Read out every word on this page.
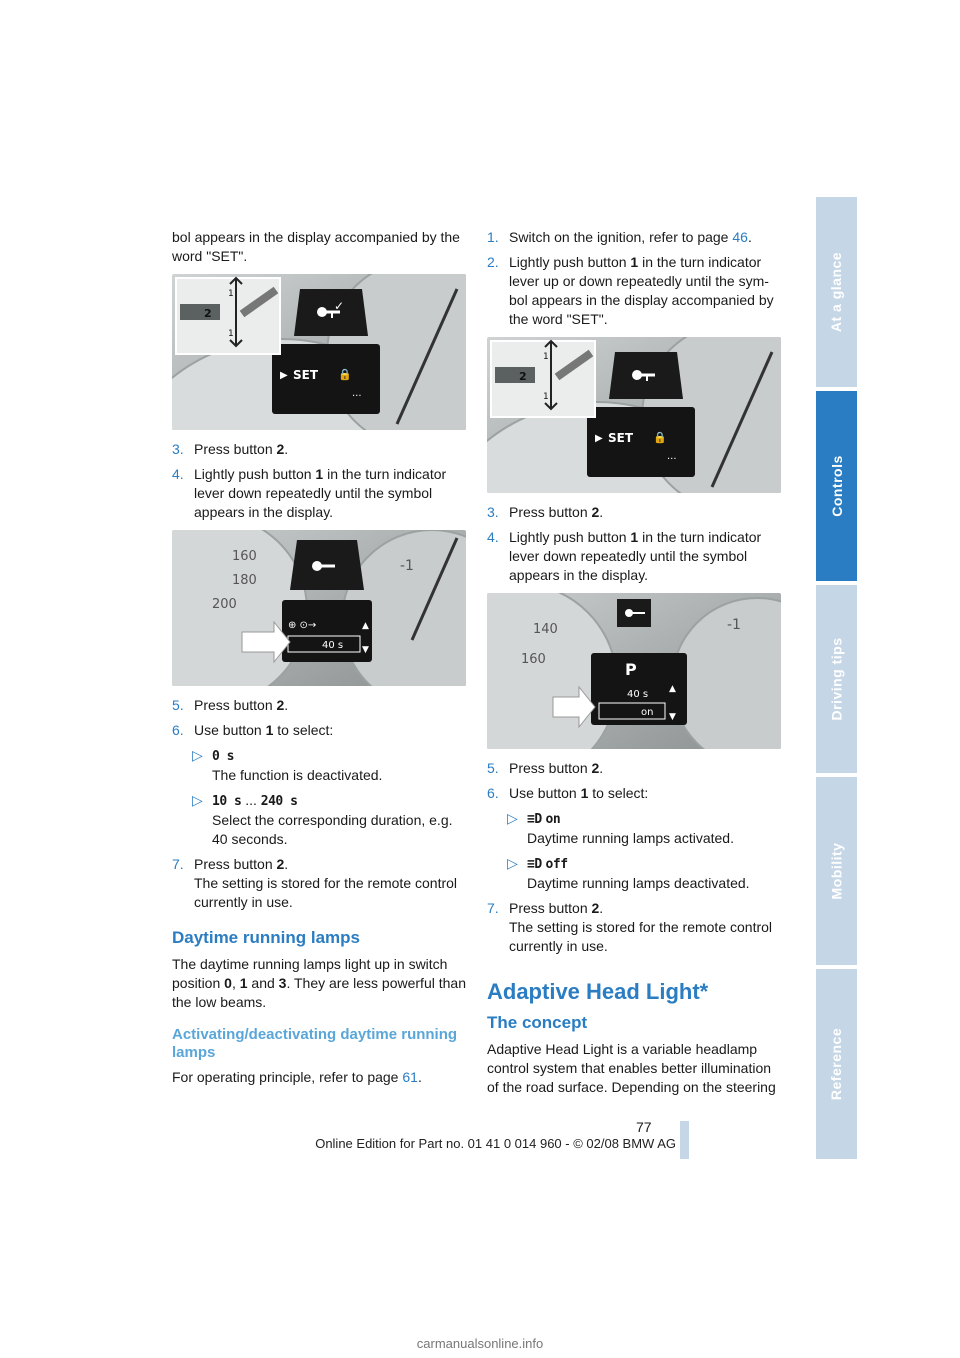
bol appears in the display accompanied by the word "SET".

✓
▶ SET 🔒
...
2
1
1

3. Press button 2.

4. Lightly push button 1 in the turn indicator lever down repeatedly until the symbol appears in the display.

160
180
200
-1
⊕ ⊙→
40 s
▲
▼

5. Press button 2.

6. Use button 1 to select:

▷ 0 s
The function is deactivated.
▷ 10 s ... 240 s
Select the corresponding duration, e.g. 40 seconds.

7. Press button 2.
The setting is stored for the remote control currently in use.

Daytime running lamps

The daytime running lamps light up in switch position 0, 1 and 3. They are less powerful than the low beams.

Activating/deactivating daytime running lamps

For operating principle, refer to page 61.

1. Switch on the ignition, refer to page 46.

2. Lightly push button 1 in the turn indicator lever up or down repeatedly until the sym-bol appears in the display accompanied by the word "SET".

▶ SET 🔒
...
2
1
1

3. Press button 2.

4. Lightly push button 1 in the turn indicator lever down repeatedly until the symbol appears in the display.

140
160
-1
P
40 s
on
▲
▼

5. Press button 2.

6. Use button 1 to select:

▷ ≡D on
Daytime running lamps activated.
▷ ≡D off
Daytime running lamps deactivated.

7. Press button 2.
The setting is stored for the remote control currently in use.

Adaptive Head Light*
The concept

Adaptive Head Light is a variable headlamp control system that enables better illumination of the road surface. Depending on the steering

At a glance
Controls
Driving tips
Mobility
Reference
77
Online Edition for Part no. 01 41 0 014 960 - © 02/08 BMW AG
carmanualsonline.info
